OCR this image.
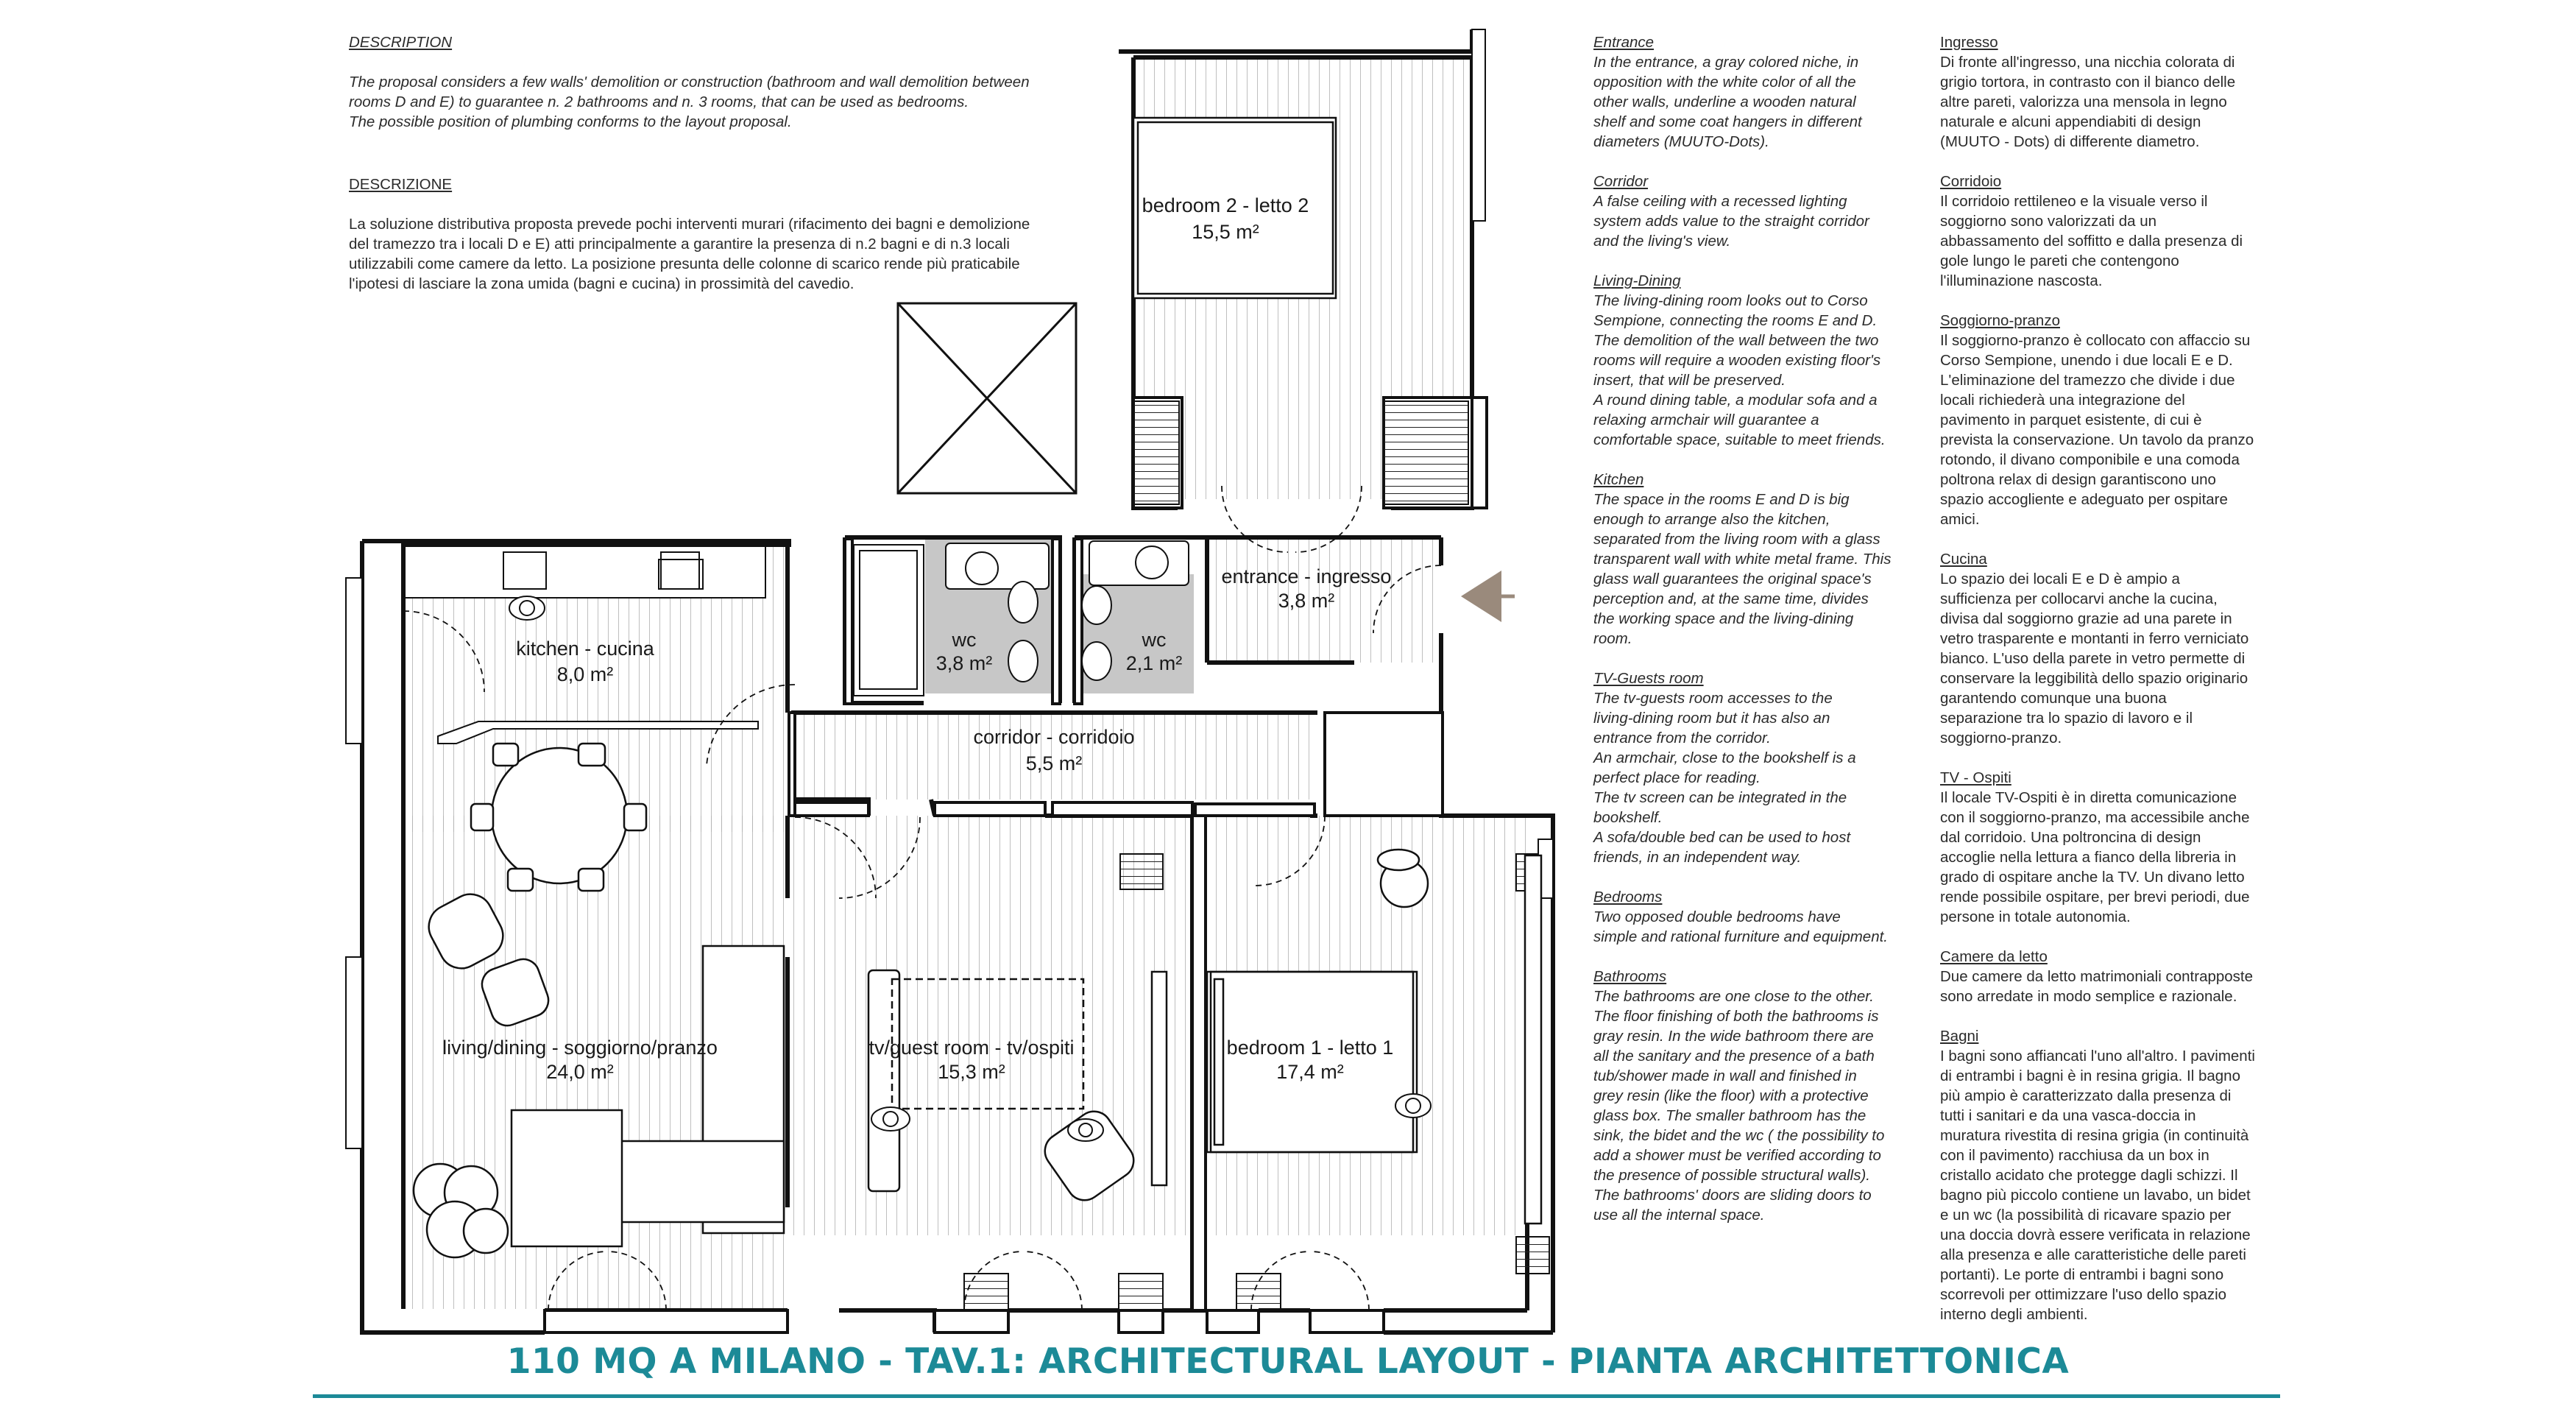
bedroom 2 - letto 2
15,5 m²
entrance - ingresso
3,8 m²
wc
3,8 m²
wc
2,1 m²
kitchen - cucina
8,0 m²
corridor - corridoio
5,5 m²
living/dining - soggiorno/pranzo
24,0 m²
tv/guest room - tv/ospiti
15,3 m²
bedroom 1 - letto 1
17,4 m²
DESCRIPTION
The proposal considers a few walls' demolition or construction (bathroom and wall demolition between
rooms D and E) to guarantee n. 2 bathrooms and n. 3 rooms, that can be used as bedrooms.
The possible position of plumbing conforms to the layout proposal.
DESCRIZIONE
La soluzione distributiva proposta prevede pochi interventi murari (rifacimento dei bagni e demolizione
del tramezzo tra i locali D e E) atti principalmente a garantire la presenza di n.2 bagni e di n.3 locali
utilizzabili come camere da letto. La posizione presunta delle colonne di scarico rende più praticabile
l'ipotesi di lasciare la zona umida (bagni e cucina) in prossimità del cavedio.
Entrance

In the entrance, a gray colored niche, in

opposition with the white color of all the

other walls, underline a wooden natural

shelf and some coat hangers in different

diameters (MUUTO-Dots).

Corridor

A false ceiling with a recessed lighting

system adds value to the straight corridor

and the living's view.

Living-Dining

The living-dining room looks out to Corso

Sempione, connecting the rooms E and D.

The demolition of the wall between the two

rooms will require a wooden existing floor's

insert, that will be preserved.

A round dining table, a modular sofa and a

relaxing armchair will guarantee a

comfortable space, suitable to meet friends.

Kitchen

The space in the rooms E and D is big

enough to arrange also the kitchen,

separated from the living room with a glass

transparent wall with white metal frame. This

glass wall guarantees the original space's

perception and, at the same time, divides

the working space and the living-dining

room.

TV-Guests room

The tv-guests room accesses to the

living-dining room but it has also an

entrance from the corridor.

An armchair, close to the bookshelf is a

perfect place for reading.

The tv screen can be integrated in the

bookshelf.

A sofa/double bed can be used to host

friends, in an independent way.

Bedrooms

Two opposed double bedrooms have

simple and rational furniture and equipment.

Bathrooms

The bathrooms are one close to the other.

The floor finishing of both the bathrooms is

gray resin. In the wide bathroom there are

all the sanitary and the presence of a bath

tub/shower made in wall and finished in

grey resin (like the floor) with a protective

glass box. The smaller bathroom has the

sink, the bidet and the wc ( the possibility to

add a shower must be verified according to

the presence of possible structural walls).

The bathrooms' doors are sliding doors to

use all the internal space.

Ingresso

Di fronte all'ingresso, una nicchia colorata di

grigio tortora, in contrasto con il bianco delle

altre pareti, valorizza una mensola in legno

naturale e alcuni appendiabiti di design

(MUUTO - Dots) di differente diametro.

Corridoio

Il corridoio rettileneo e la visuale verso il

soggiorno sono valorizzati da un

abbassamento del soffitto e dalla presenza di

gole lungo le pareti che contengono

l'illuminazione nascosta.

Soggiorno-pranzo

Il soggiorno-pranzo è collocato con affaccio su

Corso Sempione, unendo i due locali E e D.

L'eliminazione del tramezzo che divide i due

locali richiederà una integrazione del

pavimento in parquet esistente, di cui è

prevista la conservazione. Un tavolo da pranzo

rotondo, il divano componibile e una comoda

poltrona relax di design garantiscono uno

spazio accogliente e adeguato per ospitare

amici.

Cucina

Lo spazio dei locali E e D è ampio a

sufficienza per collocarvi anche la cucina,

divisa dal soggiorno grazie ad una parete in

vetro trasparente e montanti in ferro verniciato

bianco. L'uso della parete in vetro permette di

conservare la leggibilità dello spazio originario

garantendo comunque una buona

separazione tra lo spazio di lavoro e il

soggiorno-pranzo.

TV - Ospiti

Il locale TV-Ospiti è in diretta comunicazione

con il soggiorno-pranzo, ma accessibile anche

dal corridoio. Una poltroncina di design

accoglie nella lettura a fianco della libreria in

grado di ospitare anche la TV. Un divano letto

rende possibile ospitare, per brevi periodi, due

persone in totale autonomia.

Camere da letto

Due camere da letto matrimoniali contrapposte

sono arredate in modo semplice e razionale.

Bagni

I bagni sono affiancati l'uno all'altro. I pavimenti

di entrambi i bagni è in resina grigia. Il bagno

più ampio è caratterizzato dalla presenza di

tutti i sanitari e da una vasca-doccia in

muratura rivestita di resina grigia (in continuità

con il pavimento) racchiusa da un box in

cristallo acidato che protegge dagli schizzi. Il

bagno più piccolo contiene un lavabo, un bidet

e un wc (la possibilità di ricavare spazio per

una doccia dovrà essere verificata in relazione

alla presenza e alle caratteristiche delle pareti

portanti). Le porte di entrambi i bagni sono

scorrevoli per ottimizzare l'uso dello spazio

interno degli ambienti.

110 MQ A MILANO - TAV.1: ARCHITECTURAL LAYOUT - PIANTA ARCHITETTONICA
